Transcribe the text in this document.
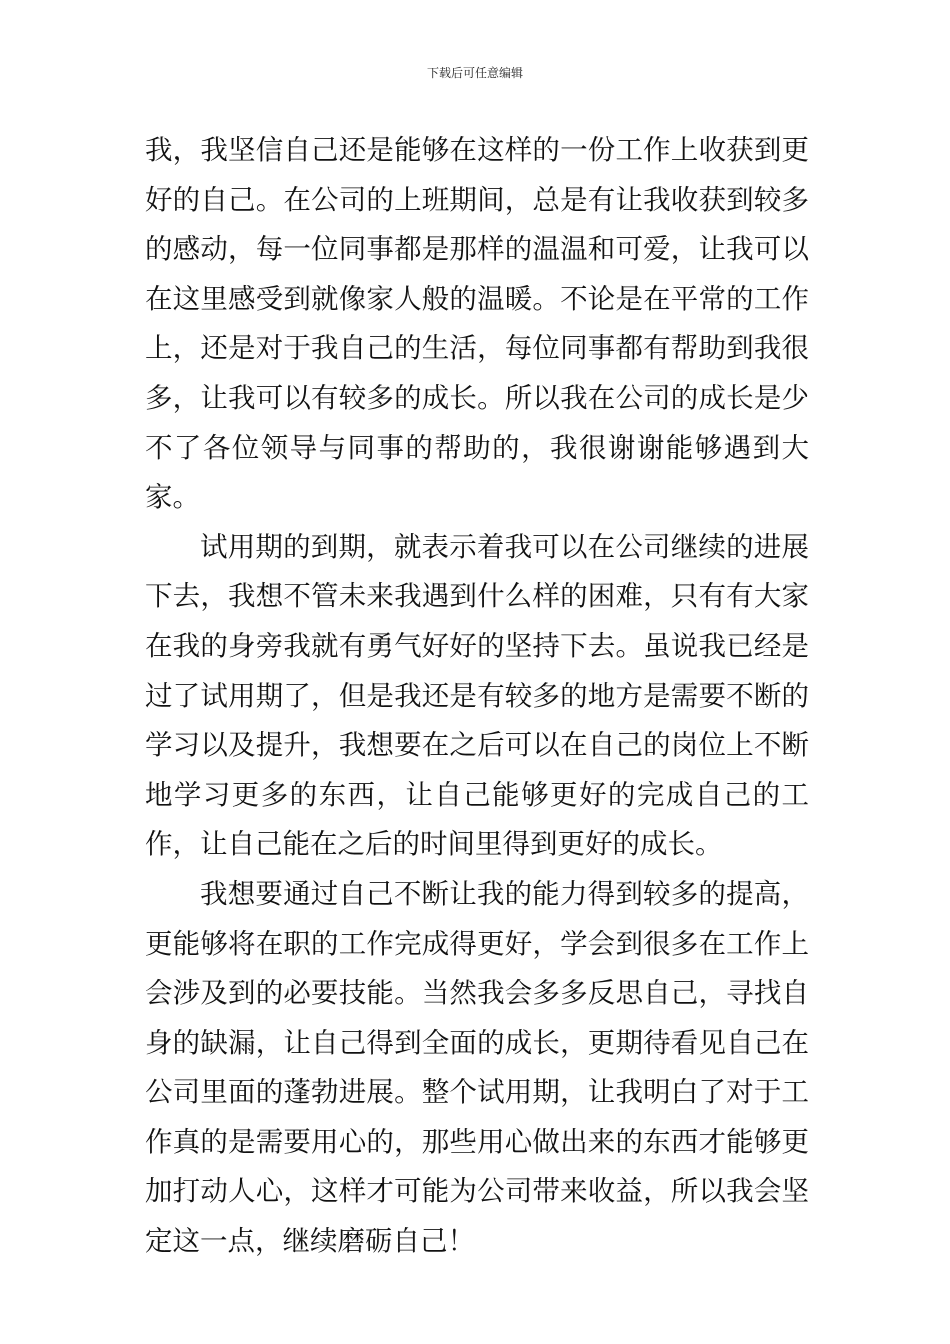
下载后可任意编辑

我，我坚信自己还是能够在这样的一份工作上收获到更好的自己。在公司的上班期间，总是有让我收获到较多的感动，每一位同事都是那样的温温和可爱，让我可以在这里感受到就像家人般的温暖。不论是在平常的工作上，还是对于我自己的生活，每位同事都有帮助到我很多，让我可以有较多的成长。所以我在公司的成长是少不了各位领导与同事的帮助的，我很谢谢能够遇到大家。

试用期的到期，就表示着我可以在公司继续的进展下去，我想不管未来我遇到什么样的困难，只有有大家在我的身旁我就有勇气好好的坚持下去。虽说我已经是过了试用期了，但是我还是有较多的地方是需要不断的学习以及提升，我想要在之后可以在自己的岗位上不断地学习更多的东西，让自己能够更好的完成自己的工作，让自己能在之后的时间里得到更好的成长。

我想要通过自己不断让我的能力得到较多的提高，更能够将在职的工作完成得更好，学会到很多在工作上会涉及到的必要技能。当然我会多多反思自己，寻找自身的缺漏，让自己得到全面的成长，更期待看见自己在公司里面的蓬勃进展。整个试用期，让我明白了对于工作真的是需要用心的，那些用心做出来的东西才能够更加打动人心，这样才可能为公司带来收益，所以我会坚定这一点，继续磨砺自己！
